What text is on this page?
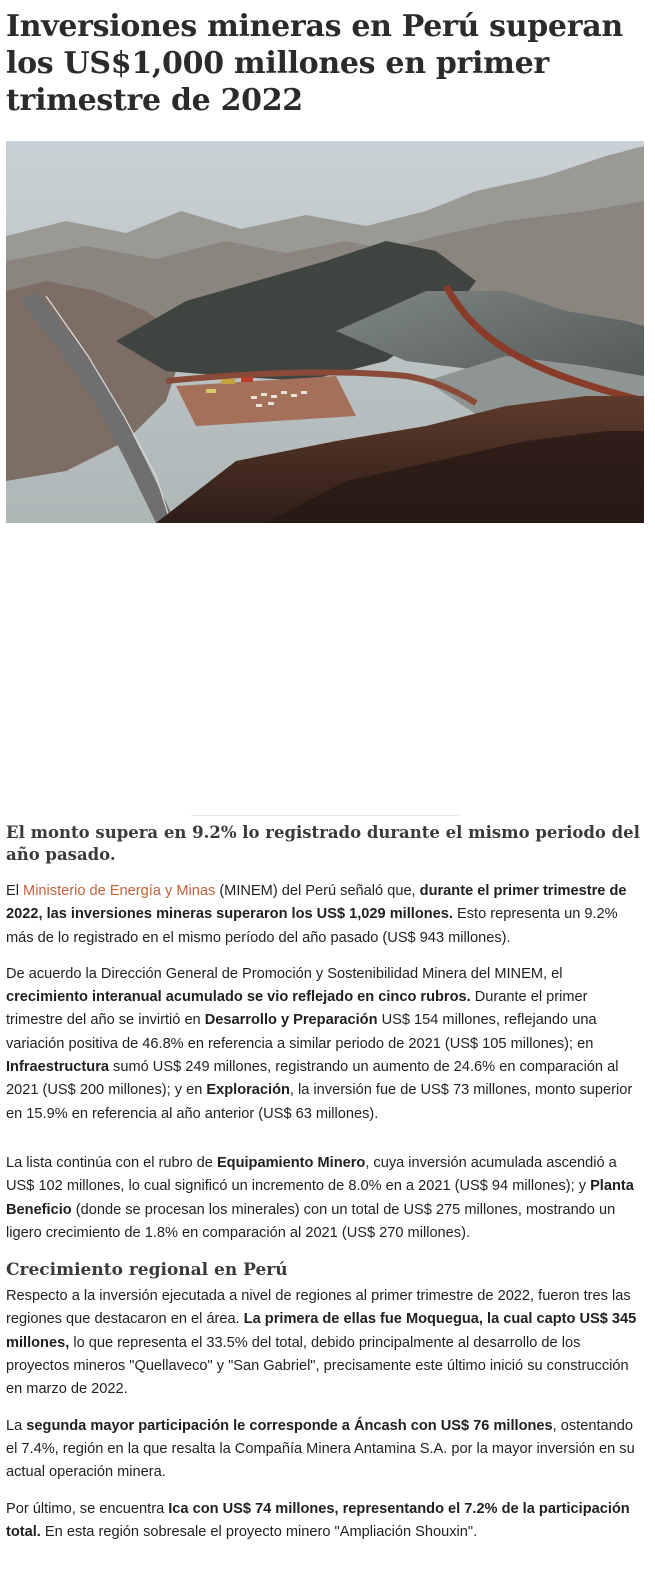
Inversiones mineras en Perú superan los US$1,000 millones en primer trimestre de 2022
El monto supera en 9.2% lo registrado durante el mismo periodo del año pasado.

El Ministerio de Energía y Minas (MINEM) del Perú señaló que, durante el primer trimestre de 2022, las inversiones mineras superaron los US$ 1,029 millones. Esto representa un 9.2% más de lo registrado en el mismo período del año pasado (US$ 943 millones).

De acuerdo la Dirección General de Promoción y Sostenibilidad Minera del MINEM, el crecimiento interanual acumulado se vio reflejado en cinco rubros. Durante el primer trimestre del año se invirtió en Desarrollo y Preparación US$ 154 millones, reflejando una variación positiva de 46.8% en referencia a similar periodo de 2021 (US$ 105 millones); en Infraestructura sumó US$ 249 millones, registrando un aumento de 24.6% en comparación al 2021 (US$ 200 millones); y en Exploración, la inversión fue de US$ 73 millones, monto superior en 15.9% en referencia al año anterior (US$ 63 millones).

La lista continúa con el rubro de Equipamiento Minero, cuya inversión acumulada ascendió a US$ 102 millones, lo cual significó un incremento de 8.0% en a 2021 (US$ 94 millones); y Planta Beneficio (donde se procesan los minerales) con un total de US$ 275 millones, mostrando un ligero crecimiento de 1.8% en comparación al 2021 (US$ 270 millones).

Crecimiento regional en Perú

Respecto a la inversión ejecutada a nivel de regiones al primer trimestre de 2022, fueron tres las regiones que destacaron en el área. La primera de ellas fue Moquegua, la cual capto US$ 345 millones, lo que representa el 33.5% del total, debido principalmente al desarrollo de los proyectos mineros "Quellaveco" y "San Gabriel", precisamente este último inició su construcción en marzo de 2022.

La segunda mayor participación le corresponde a Áncash con US$ 76 millones, ostentando el 7.4%, región en la que resalta la Compañía Minera Antamina S.A. por la mayor inversión en su actual operación minera.

Por último, se encuentra Ica con US$ 74 millones, representando el 7.2% de la participación total. En esta región sobresale el proyecto minero "Ampliación Shouxin".
